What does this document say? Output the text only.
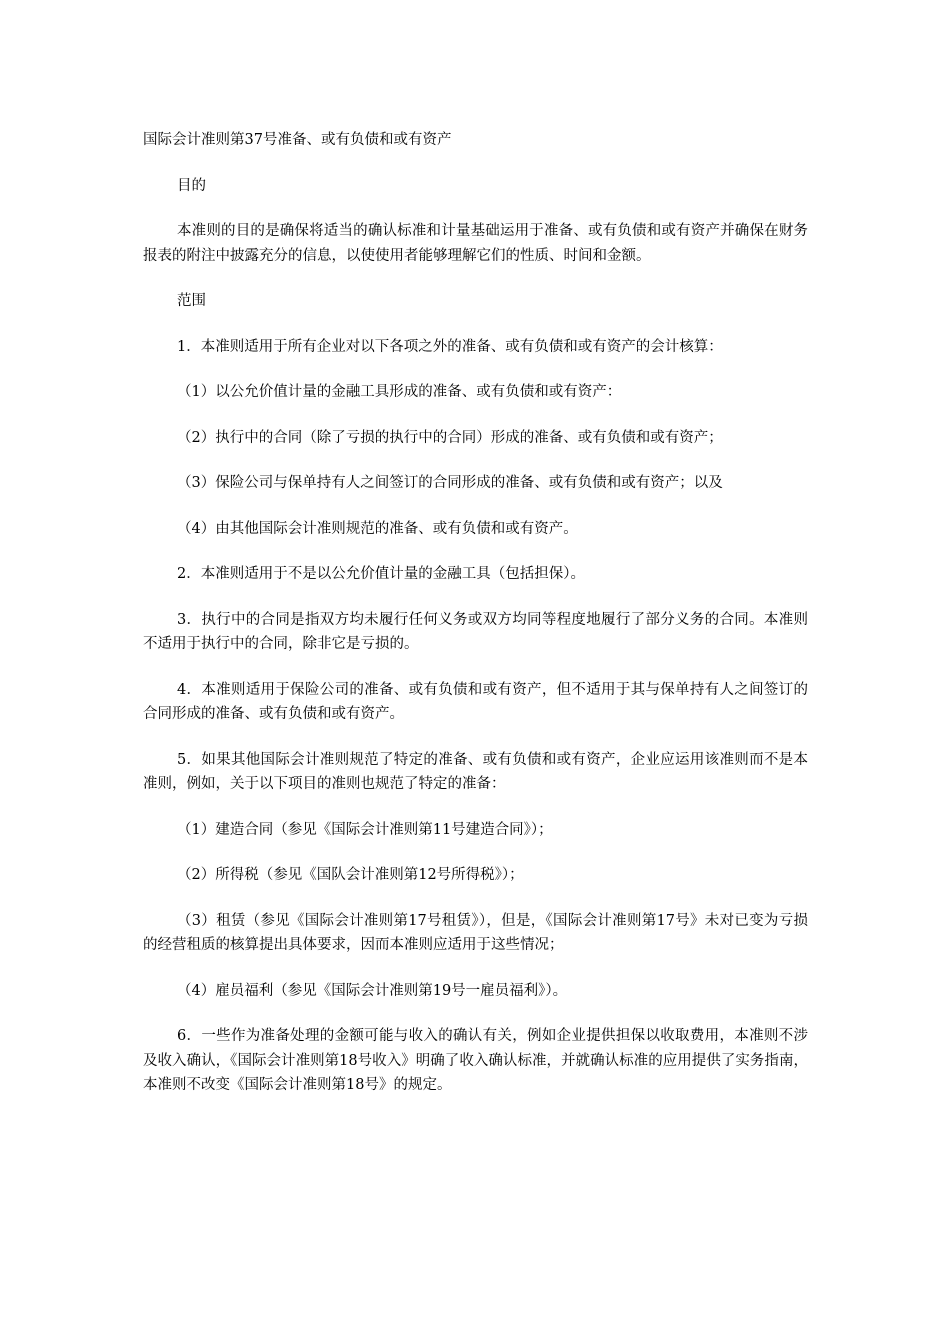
国际会计准则第37号准备、或有负债和或有资产

目的

本准则的目的是确保将适当的确认标准和计量基础运用于准备、或有负债和或有资产并确保在财务报表的附注中披露充分的信息，以使使用者能够理解它们的性质、时间和金额。

范围

1．本准则适用于所有企业对以下各项之外的准备、或有负债和或有资产的会计核算：

（1）以公允价值计量的金融工具形成的准备、或有负债和或有资产：

（2）执行中的合同（除了亏损的执行中的合同）形成的准备、或有负债和或有资产；

（3）保险公司与保单持有人之间签订的合同形成的准备、或有负债和或有资产；以及

（4）由其他国际会计准则规范的准备、或有负债和或有资产。

2．本准则适用于不是以公允价值计量的金融工具（包括担保）。

3．执行中的合同是指双方均未履行任何义务或双方均同等程度地履行了部分义务的合同。本准则不适用于执行中的合同，除非它是亏损的。

4．本准则适用于保险公司的准备、或有负债和或有资产，但不适用于其与保单持有人之间签订的合同形成的准备、或有负债和或有资产。

5．如果其他国际会计准则规范了特定的准备、或有负债和或有资产，企业应运用该准则而不是本准则，例如，关于以下项目的准则也规范了特定的准备：

（1）建造合同（参见《国际会计准则第11号建造合同》）；

（2）所得税（参见《国队会计准则第12号所得税》）；

（3）租赁（参见《国际会计准则第17号租赁》），但是，《国际会计准则第17号》未对已变为亏损的经营租质的核算提出具体要求，因而本准则应适用于这些情况；

（4）雇员福利（参见《国际会计准则第19号一雇员福利》）。

6．一些作为准备处理的金额可能与收入的确认有关，例如企业提供担保以收取费用，本准则不涉及收入确认，《国际会计准则第18号收入》明确了收入确认标准，并就确认标准的应用提供了实务指南，本准则不改变《国际会计准则第18号》的规定。
